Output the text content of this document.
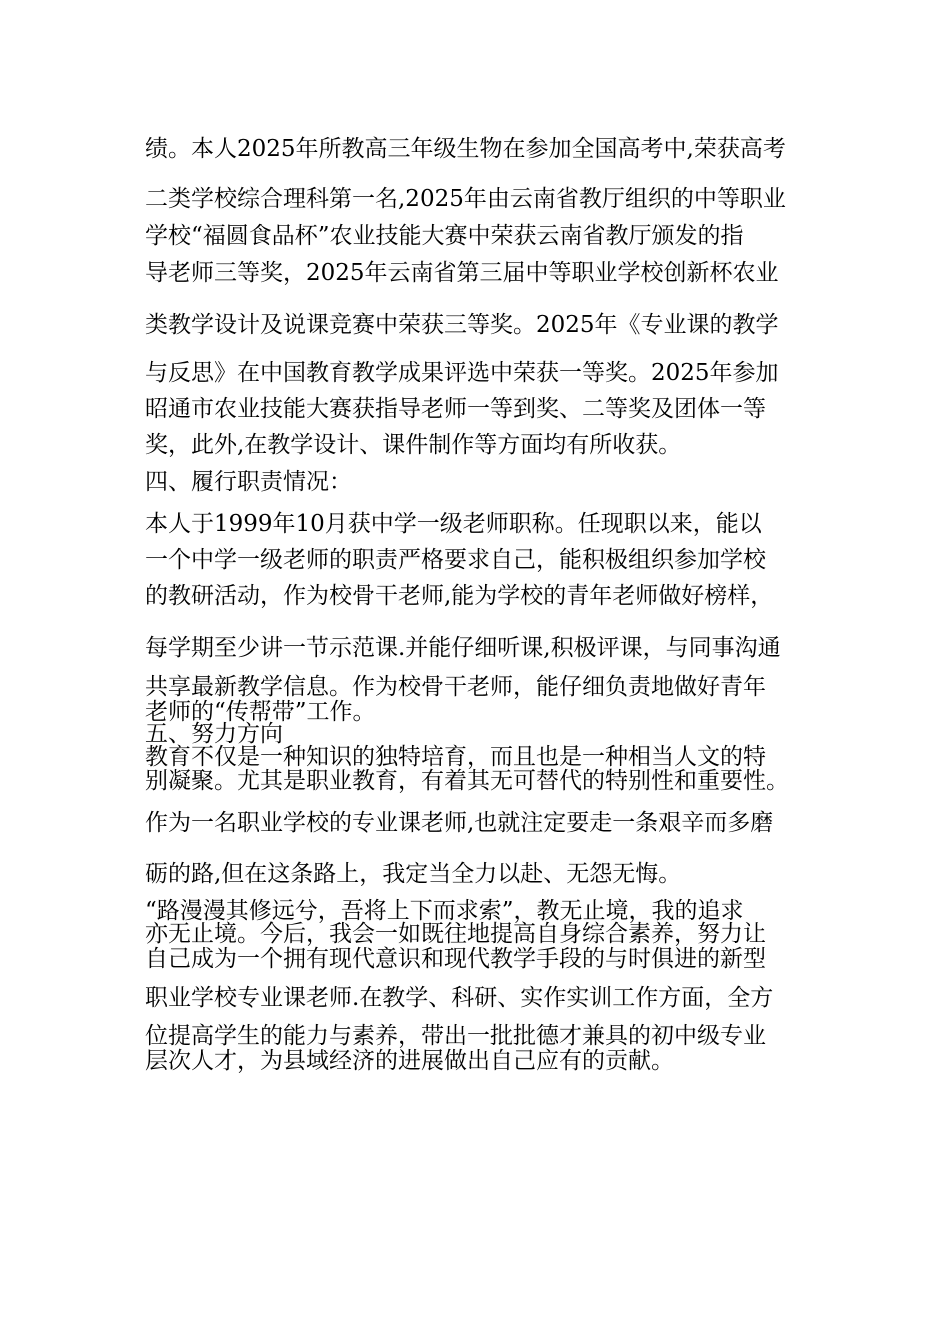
绩。本人2025年所教高三年级生物在参加全国高考中,荣获高考
二类学校综合理科第一名,2025年由云南省教厅组织的中等职业
学校“福圆食品杯”农业技能大赛中荣获云南省教厅颁发的指
导老师三等奖，2025年云南省第三届中等职业学校创新杯农业
类教学设计及说课竞赛中荣获三等奖。2025年《专业课的教学
与反思》在中国教育教学成果评选中荣获一等奖。2025年参加
昭通市农业技能大赛获指导老师一等到奖、二等奖及团体一等
奖，此外,在教学设计、课件制作等方面均有所收获。
四、履行职责情况：
本人于1999年10月获中学一级老师职称。任现职以来，能以
一个中学一级老师的职责严格要求自己，能积极组织参加学校
的教研活动，作为校骨干老师,能为学校的青年老师做好榜样，
每学期至少讲一节示范课.并能仔细听课,积极评课，与同事沟通
共享最新教学信息。作为校骨干老师，能仔细负责地做好青年
老师的“传帮带”工作。
五、努力方向
教育不仅是一种知识的独特培育，而且也是一种相当人文的特
别凝聚。尤其是职业教育，有着其无可替代的特别性和重要性。
作为一名职业学校的专业课老师,也就注定要走一条艰辛而多磨
砺的路,但在这条路上，我定当全力以赴、无怨无悔。
“路漫漫其修远兮，吾将上下而求索”，教无止境，我的追求
亦无止境。今后，我会一如既往地提高自身综合素养，努力让
自己成为一个拥有现代意识和现代教学手段的与时俱进的新型
职业学校专业课老师.在教学、科研、实作实训工作方面，全方
位提高学生的能力与素养，带出一批批德才兼具的初中级专业
层次人才，为县域经济的进展做出自己应有的贡献。
